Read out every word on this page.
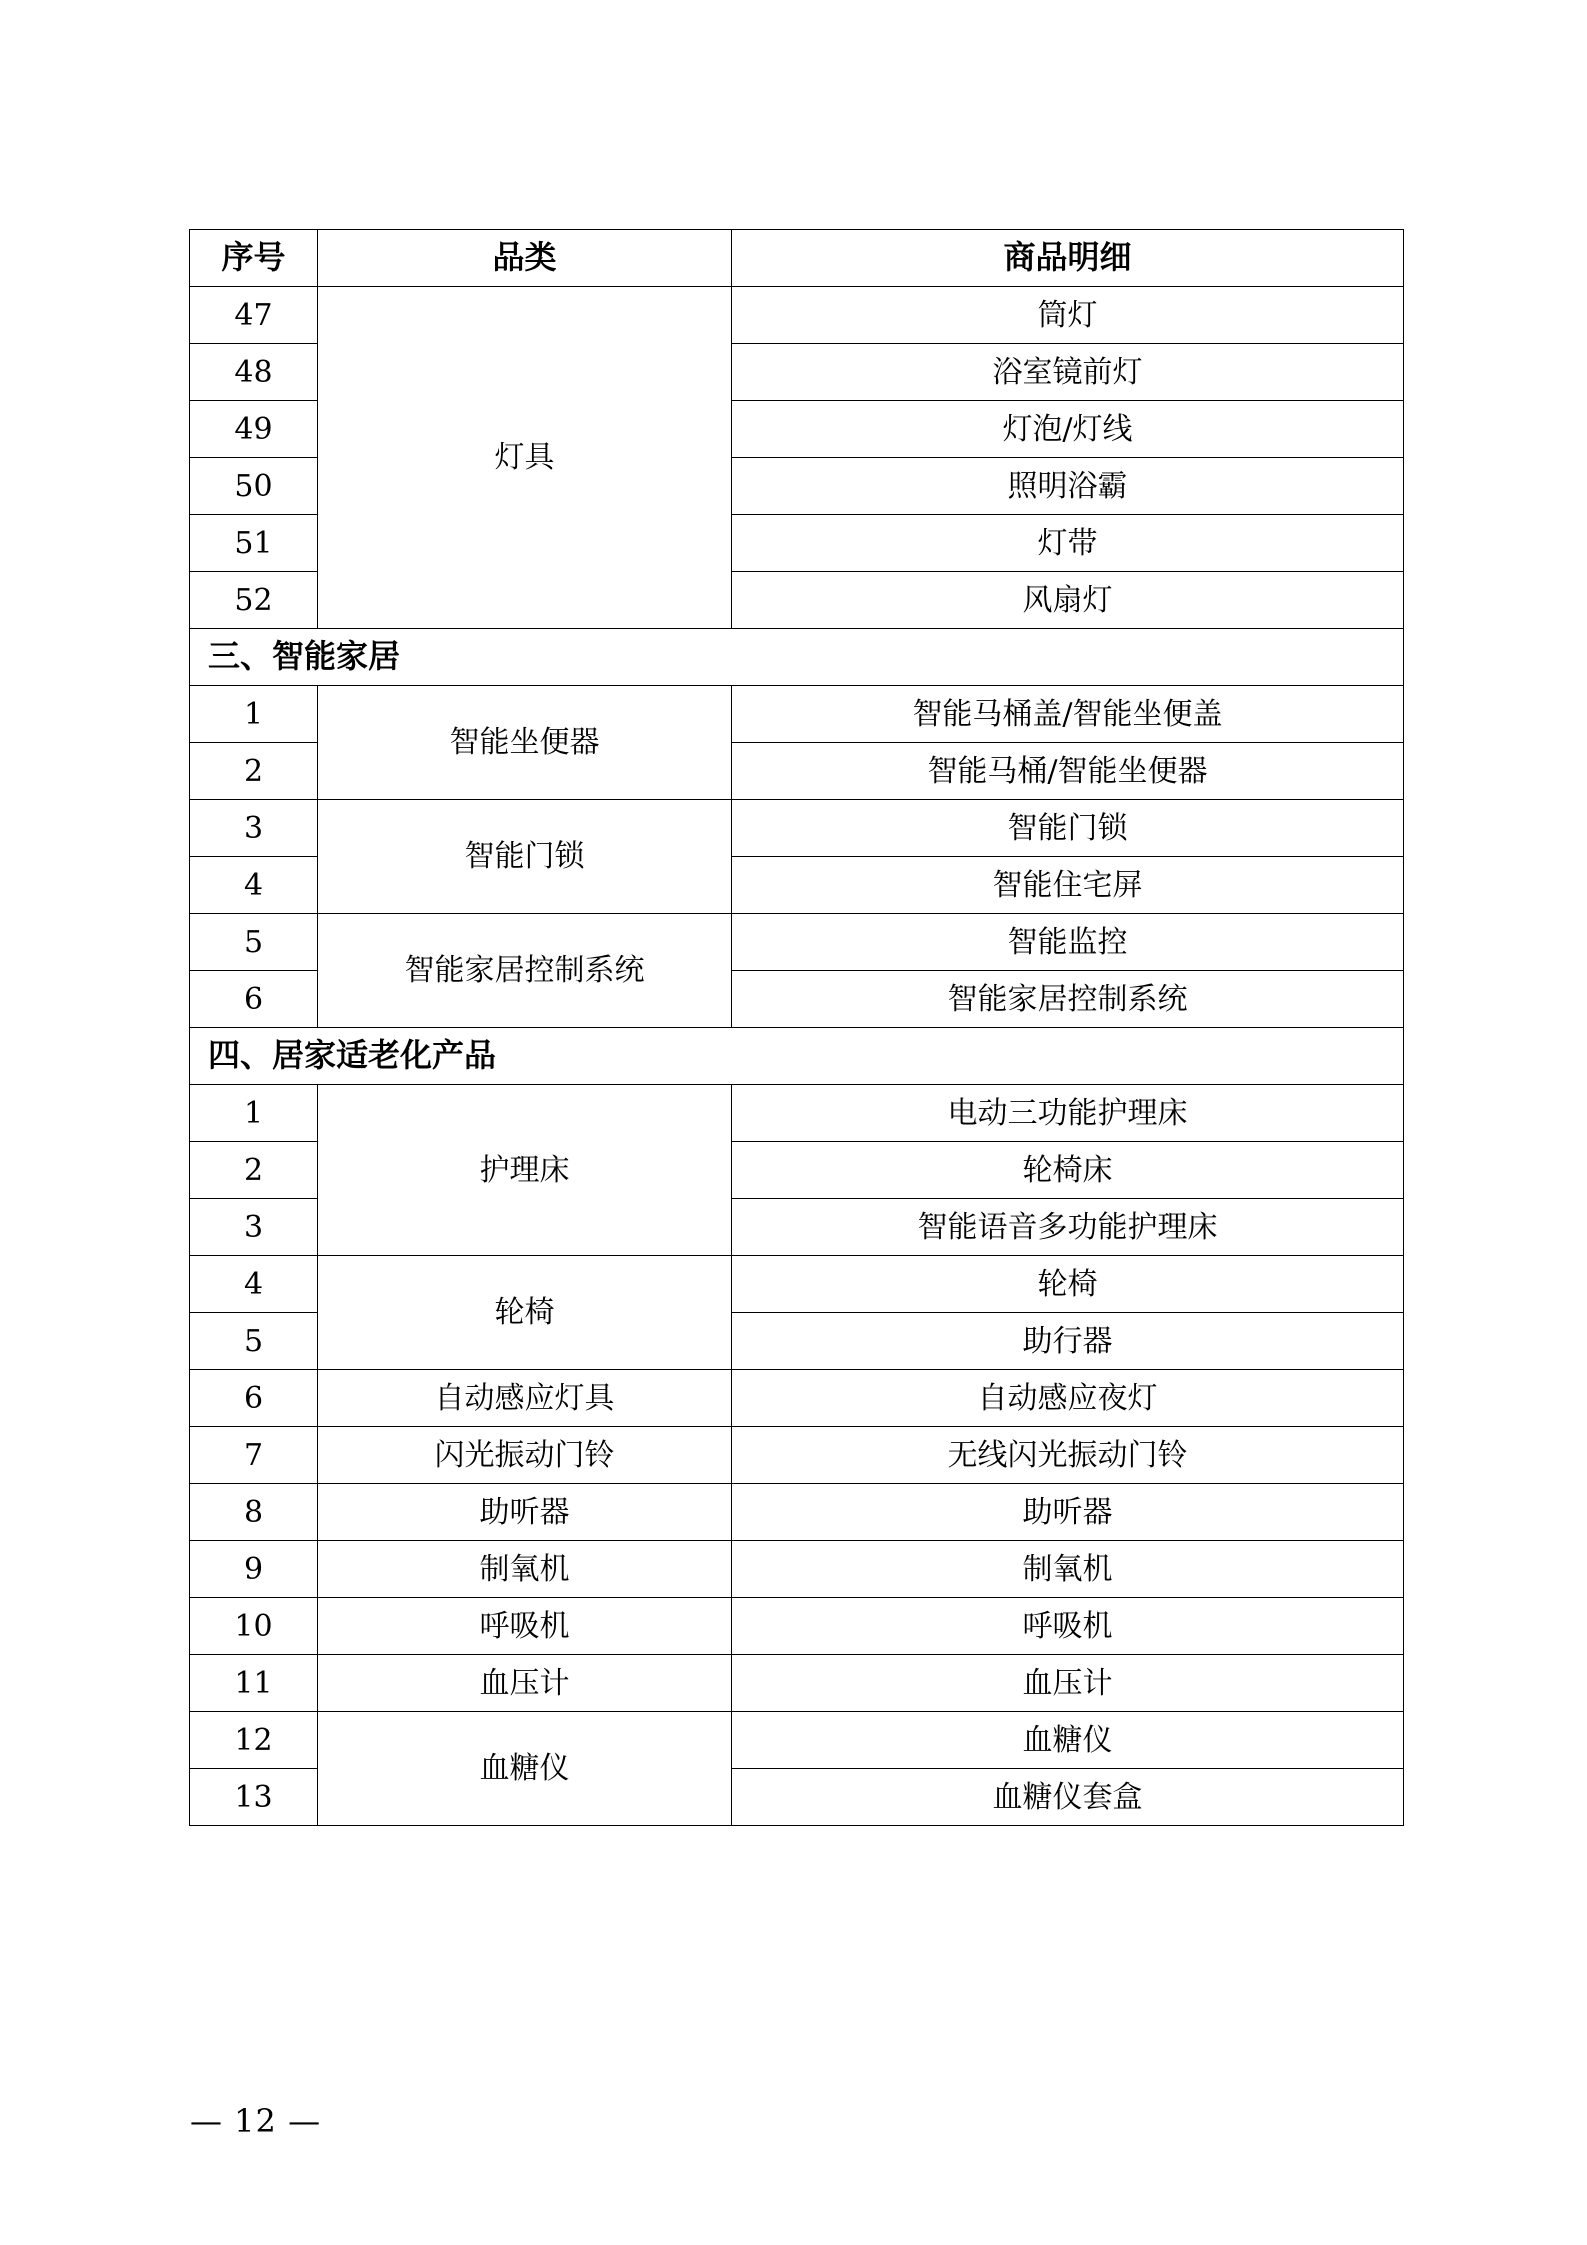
序号	品类	商品明细
47	灯具	筒灯
48		浴室镜前灯
49		灯泡/灯线
50		照明浴霸
51		灯带
52		风扇灯
三、智能家居		
1	智能坐便器	智能马桶盖/智能坐便盖
2		智能马桶/智能坐便器
3	智能门锁	智能门锁
4		智能住宅屏
5	智能家居控制系统	智能监控
6		智能家居控制系统
四、居家适老化产品		
1	护理床	电动三功能护理床
2		轮椅床
3		智能语音多功能护理床
4	轮椅	轮椅
5		助行器
6	自动感应灯具	自动感应夜灯
7	闪光振动门铃	无线闪光振动门铃
8	助听器	助听器
9	制氧机	制氧机
10	呼吸机	呼吸机
11	血压计	血压计
12	血糖仪	血糖仪
13		血糖仪套盒
— 12 —
